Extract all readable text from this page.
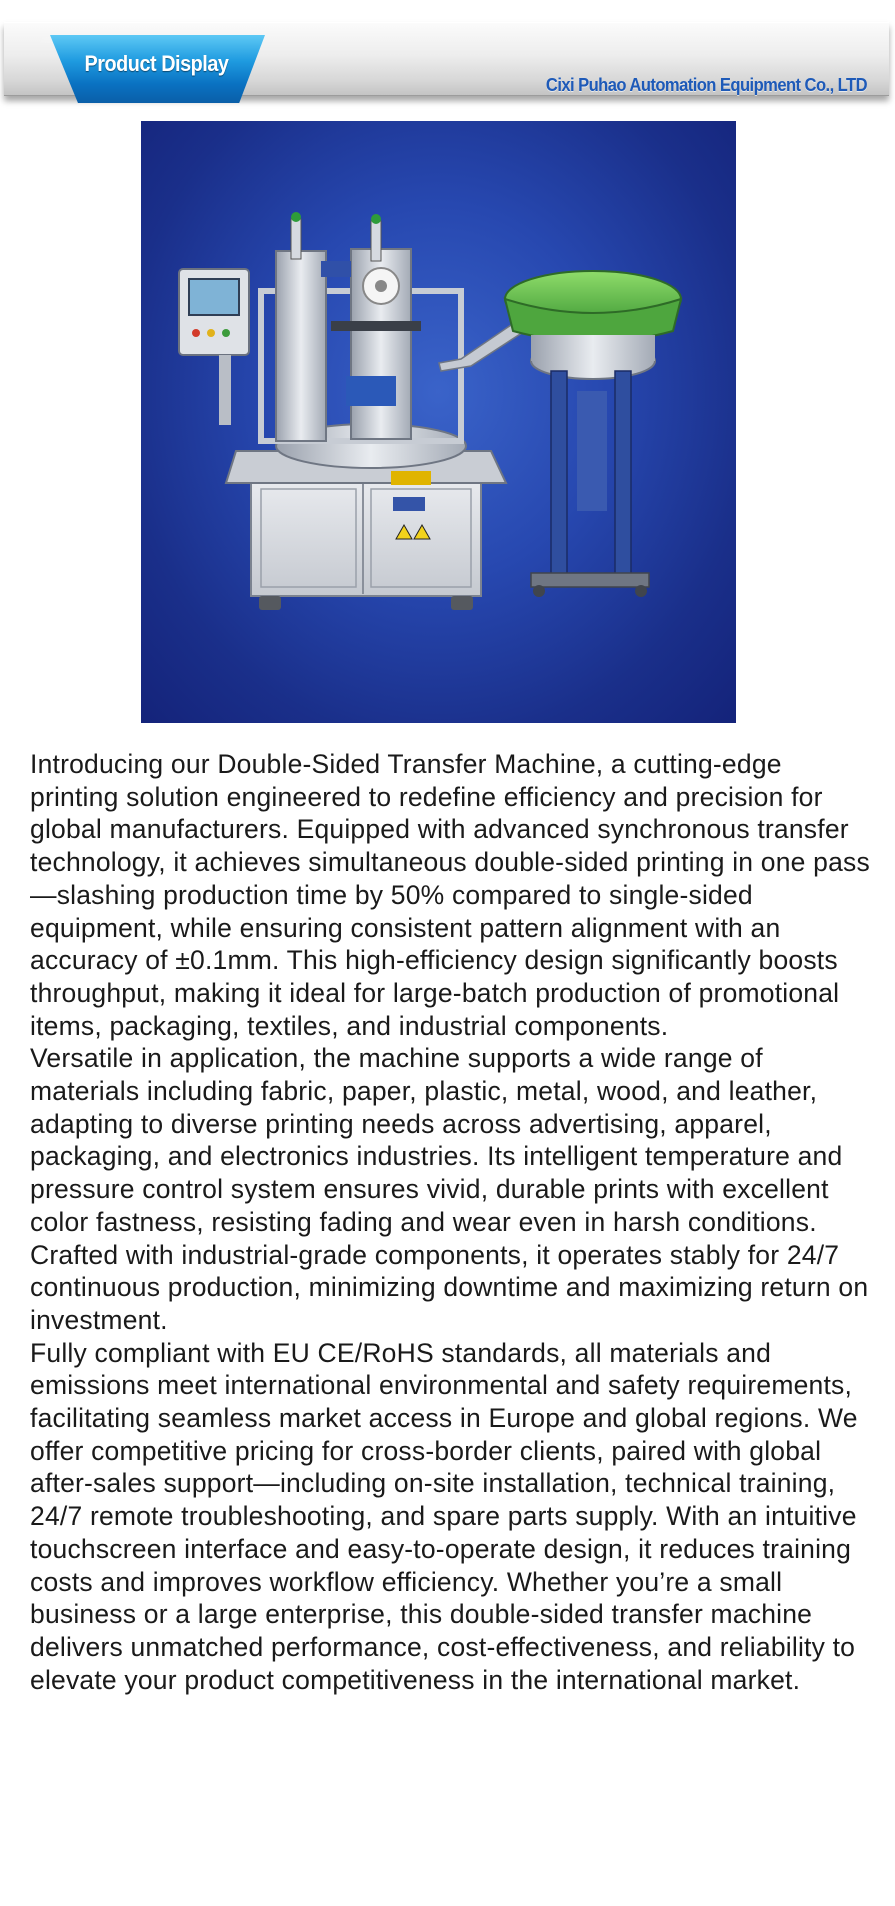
Product Display
Cixi Puhao Automation Equipment Co., LTD

Introducing our Double-Sided Transfer Machine, a cutting-edge printing solution engineered to redefine efficiency and precision for global manufacturers. Equipped with advanced synchronous transfer technology, it achieves simultaneous double-sided printing in one pass—slashing production time by 50% compared to single-sided equipment, while ensuring consistent pattern alignment with an accuracy of ±0.1mm. This high-efficiency design significantly boosts throughput, making it ideal for large-batch production of promotional items, packaging, textiles, and industrial components.

Versatile in application, the machine supports a wide range of materials including fabric, paper, plastic, metal, wood, and leather, adapting to diverse printing needs across advertising, apparel, packaging, and electronics industries. Its intelligent temperature and pressure control system ensures vivid, durable prints with excellent color fastness, resisting fading and wear even in harsh conditions. Crafted with industrial-grade components, it operates stably for 24/7 continuous production, minimizing downtime and maximizing return on investment.

Fully compliant with EU CE/RoHS standards, all materials and emissions meet international environmental and safety requirements, facilitating seamless market access in Europe and global regions. We offer competitive pricing for cross-border clients, paired with global after-sales support—including on-site installation, technical training, 24/7 remote troubleshooting, and spare parts supply. With an intuitive touchscreen interface and easy-to-operate design, it reduces training costs and improves workflow efficiency. Whether you’re a small business or a large enterprise, this double-sided transfer machine delivers unmatched performance, cost-effectiveness, and reliability to elevate your product competitiveness in the international market.
